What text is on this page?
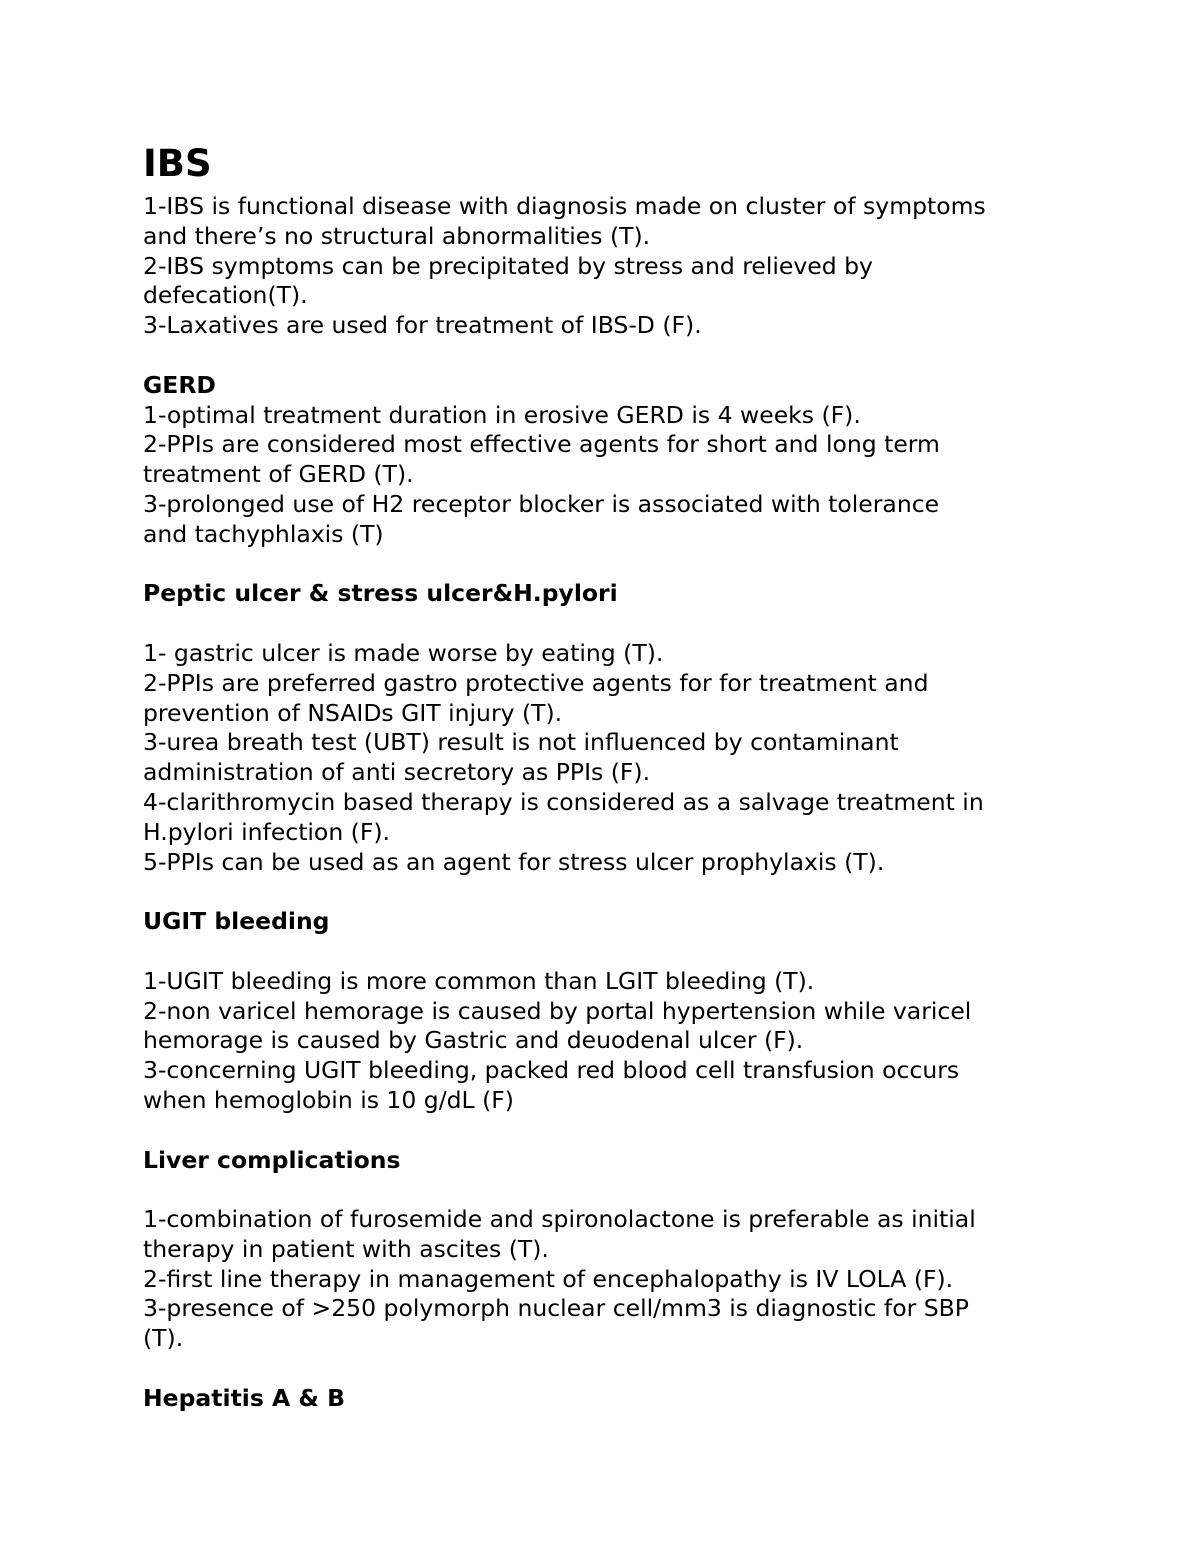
IBS

1-IBS is functional disease with diagnosis made on cluster of symptoms

and there’s no structural abnormalities (T).

2-IBS symptoms can be precipitated by stress and relieved by

defecation(T).

3-Laxatives are used for treatment of IBS-D (F).

GERD

1-optimal treatment duration in erosive GERD is 4 weeks (F).

2-PPIs are considered most effective agents for short and long term

treatment of GERD (T).

3-prolonged use of H2 receptor blocker is associated with tolerance

and tachyphlaxis (T)

Peptic ulcer & stress ulcer&H.pylori

1- gastric ulcer is made worse by eating (T).

2-PPIs are preferred gastro protective agents for for treatment and

prevention of NSAIDs GIT injury (T).

3-urea breath test (UBT) result is not influenced by contaminant

administration of anti secretory as PPIs (F).

4-clarithromycin based therapy is considered as a salvage treatment in

H.pylori infection (F).

5-PPIs can be used as an agent for stress ulcer prophylaxis (T).

UGIT bleeding

1-UGIT bleeding is more common than LGIT bleeding (T).

2-non varicel hemorage is caused by portal hypertension while varicel

hemorage is caused by Gastric and deuodenal ulcer (F).

3-concerning UGIT bleeding, packed red blood cell transfusion occurs

when hemoglobin is 10 g/dL (F)

Liver complications

1-combination of furosemide and spironolactone is preferable as initial

therapy in patient with ascites (T).

2-first line therapy in management of encephalopathy is IV LOLA (F).

3-presence of >250 polymorph nuclear cell/mm3 is diagnostic for SBP

(T).

Hepatitis A & B
